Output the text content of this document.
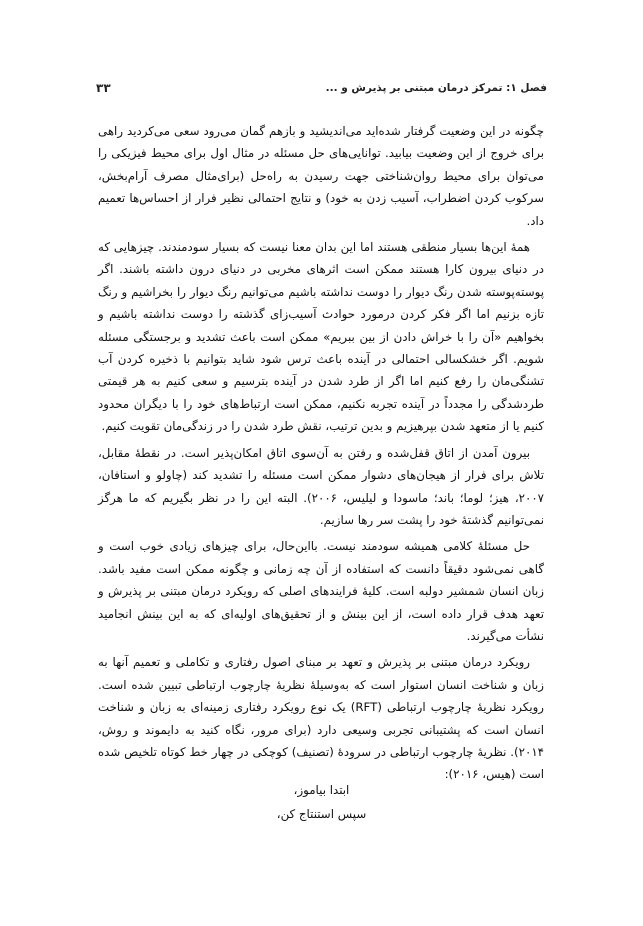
فصل ۱: تمرکز درمان مبتنی بر پذیرش و ...
۳۳

چگونه در این وضعیت گرفتار شده‌اید می‌اندیشید و بازهم گمان می‌رود سعی می‌کردید راهی برای خروج از این وضعیت بیابید. توانایی‌های حل مسئله در مثال اول برای محیط فیزیکی را می‌توان برای محیط روان‌شناختی جهت رسیدن به راه‌حل (برای‌مثال مصرف آرام‌بخش، سرکوب کردن اضطراب، آسیب زدن به خود) و نتایج احتمالی نظیر فرار از احساس‌ها تعمیم داد.

همهٔ این‌ها بسیار منطقی هستند اما این بدان معنا نیست که بسیار سودمندند. چیزهایی که در دنیای بیرون کارا هستند ممکن است اثرهای مخربی در دنیای درون داشته باشند. اگر پوسته‌پوسته شدن رنگ دیوار را دوست نداشته باشیم می‌توانیم رنگ دیوار را بخراشیم و رنگ تازه بزنیم اما اگر فکر کردن درمورد حوادث آسیب‌زای گذشته را دوست نداشته باشیم و بخواهیم «آن را با خراش دادن از بین ببریم» ممکن است باعث تشدید و برجستگی مسئله شویم. اگر خشکسالی احتمالی در آینده باعث ترس شود شاید بتوانیم با ذخیره کردن آب تشنگی‌مان را رفع کنیم اما اگر از طرد شدن در آینده بترسیم و سعی کنیم به هر قیمتی طردشدگی را مجدداً در آینده تجربه نکنیم، ممکن است ارتباط‌های خود را با دیگران محدود کنیم یا از متعهد شدن بپرهیزیم و بدین ترتیب، نقش طرد شدن را در زندگی‌مان تقویت کنیم.

بیرون آمدن از اتاق قفل‌شده و رفتن به آن‌سوی اتاق امکان‌پذیر است. در نقطهٔ مقابل، تلاش برای فرار از هیجان‌های دشوار ممکن است مسئله را تشدید کند (چاولو و استافان، ۲۰۰۷، هیز؛ لوما؛ باند؛ ماسودا و لیلیس، ۲۰۰۶). البته این را در نظر بگیریم که ما هرگز نمی‌توانیم گذشتهٔ خود را پشت سر رها سازیم.

حل مسئلهٔ کلامی همیشه سودمند نیست. بااین‌حال، برای چیزهای زیادی خوب است و گاهی نمی‌شود دقیقاً دانست که استفاده از آن چه زمانی و چگونه ممکن است مفید باشد. زبان انسان شمشیر دولبه است. کلیهٔ فرایندهای اصلی که رویکرد درمان مبتنی بر پذیرش و تعهد هدف قرار داده است، از این بینش و از تحقیق‌های اولیه‌ای که به این بینش انجامید نشأت می‌گیرند.

رویکرد درمان مبتنی بر پذیرش و تعهد بر مبنای اصول رفتاری و تکاملی و تعمیم آنها به زبان و شناخت انسان استوار است که به‌وسیلهٔ نظریهٔ چارچوب ارتباطی تبیین شده است. رویکرد نظریهٔ چارچوب ارتباطی (RFT) یک نوع رویکرد رفتاری زمینه‌ای به زبان و شناخت انسان است که پشتیبانی تجربی وسیعی دارد (برای مرور، نگاه کنید به دایموند و روش، ۲۰۱۴). نظریهٔ چارچوب ارتباطی در سرودهٔ (تصنیف) کوچکی در چهار خط کوتاه تلخیص شده است (هیس، ۲۰۱۶):

ابتدا بیاموز،
سپس استنتاج کن،
